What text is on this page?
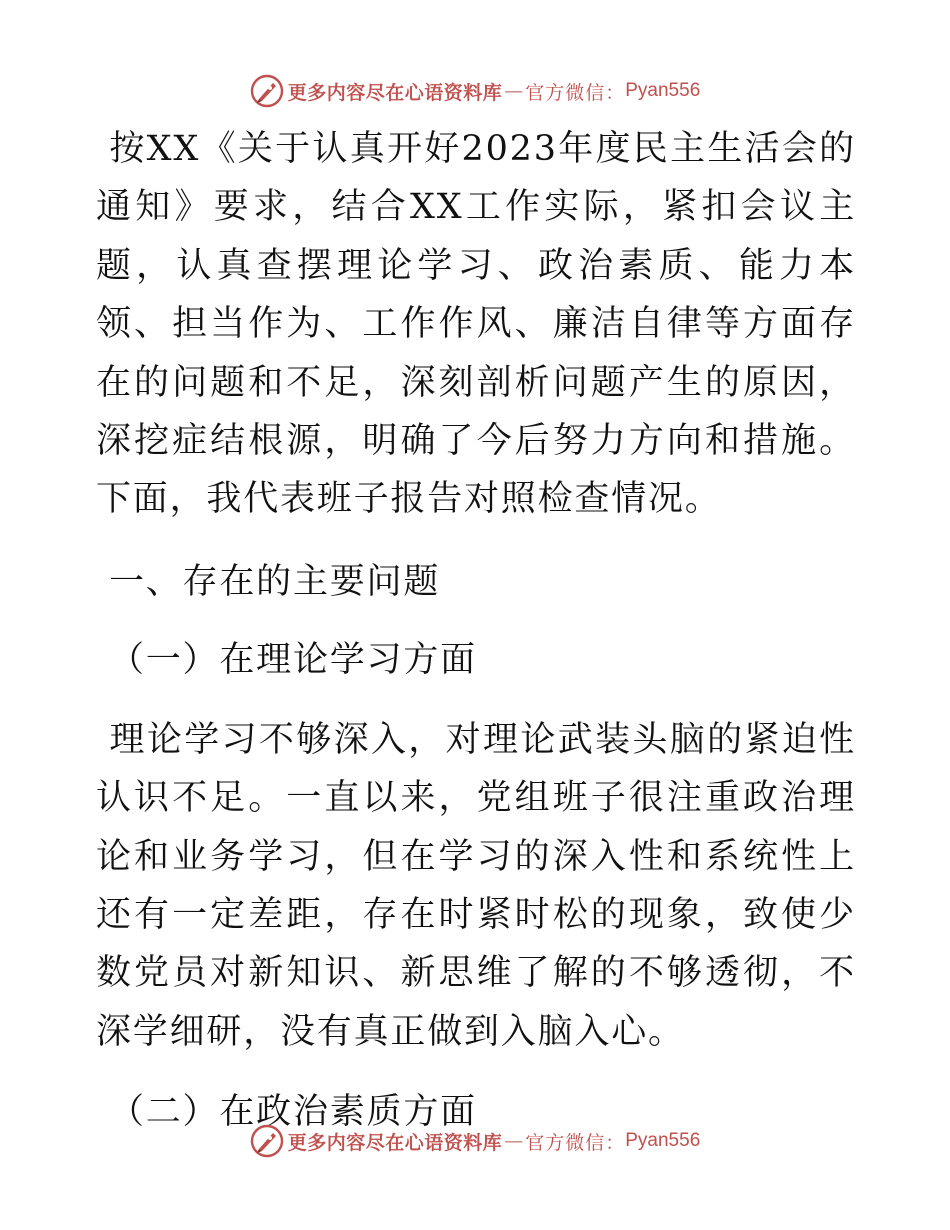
更多内容尽在心语资料库 — 官方微信： Pyan556

按XX《关于认真开好2023年度民主生活会的通知》要求，结合XX工作实际，紧扣会议主题，认真查摆理论学习、政治素质、能力本领、担当作为、工作作风、廉洁自律等方面存在的问题和不足，深刻剖析问题产生的原因，深挖症结根源，明确了今后努力方向和措施。下面，我代表班子报告对照检查情况。

一、存在的主要问题

（一）在理论学习方面

理论学习不够深入，对理论武装头脑的紧迫性认识不足。一直以来，党组班子很注重政治理论和业务学习，但在学习的深入性和系统性上还有一定差距，存在时紧时松的现象，致使少数党员对新知识、新思维了解的不够透彻，不深学细研，没有真正做到入脑入心。

（二）在政治素质方面

更多内容尽在心语资料库 — 官方微信： Pyan556
